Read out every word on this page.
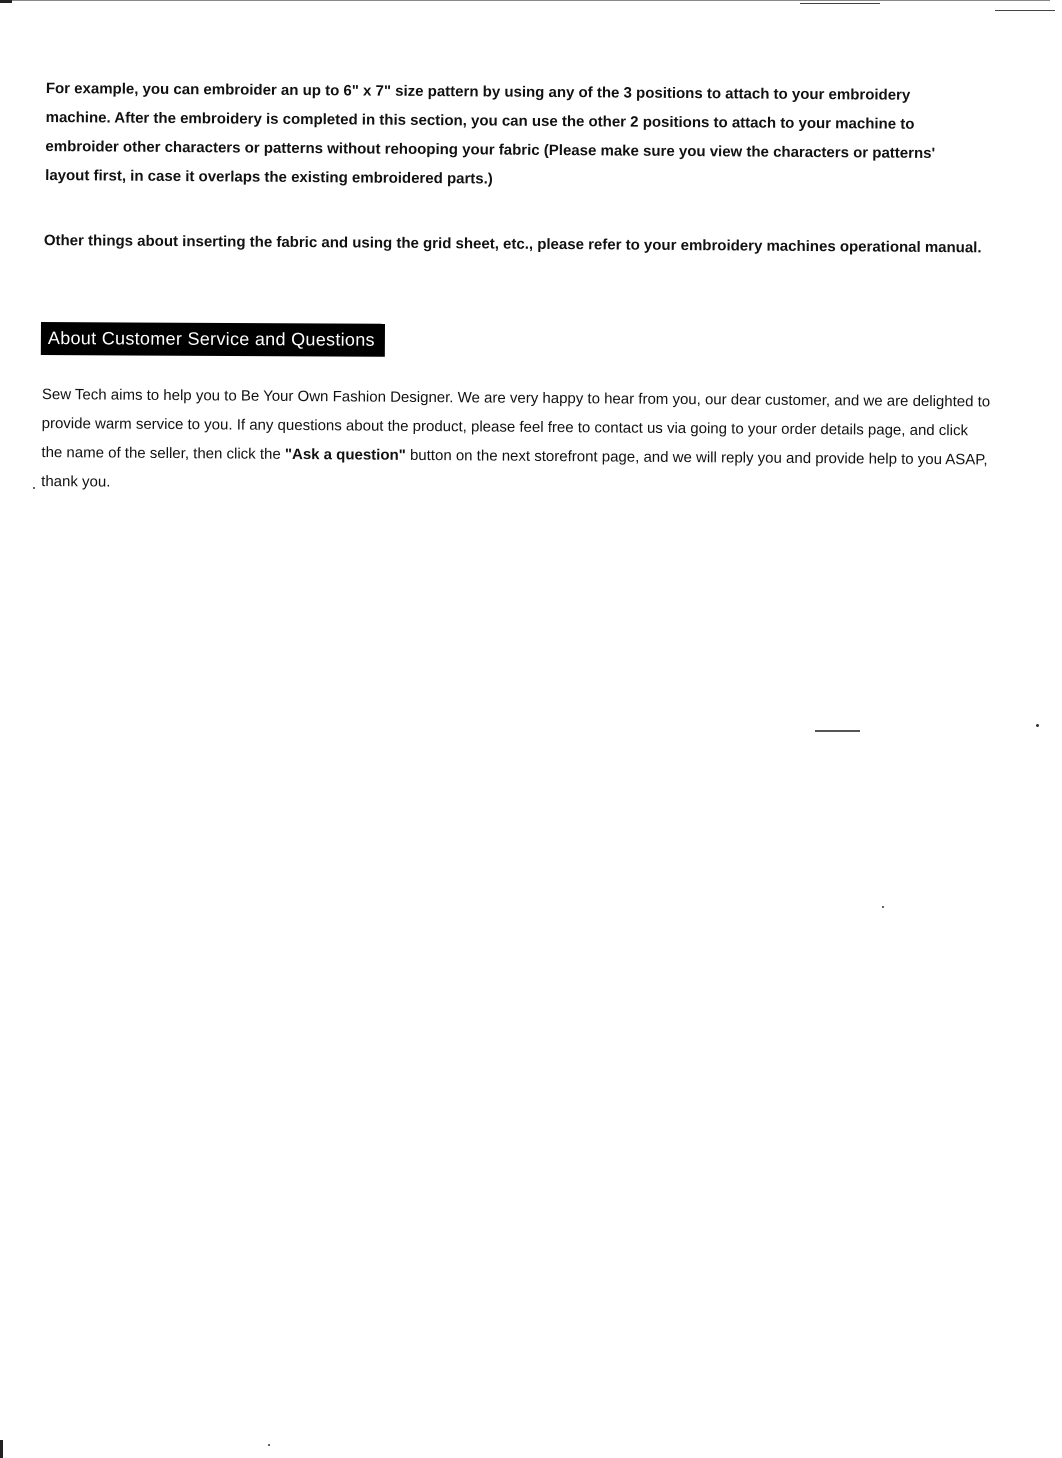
For example, you can embroider an up to 6" x 7" size pattern by using any of the 3 positions to attach to your embroidery machine. After the embroidery is completed in this section, you can use the other 2 positions to attach to your machine to embroider other characters or patterns without rehooping your fabric (Please make sure you view the characters or patterns' layout first, in case it overlaps the existing embroidered parts.)

Other things about inserting the fabric and using the grid sheet, etc., please refer to your embroidery machines operational manual.

About Customer Service and Questions

Sew Tech aims to help you to Be Your Own Fashion Designer. We are very happy to hear from you, our dear customer, and we are delighted to provide warm service to you. If any questions about the product, please feel free to contact us via going to your order details page, and click the name of the seller, then click the "Ask a question" button on the next storefront page, and we will reply you and provide help to you ASAP, thank you.
